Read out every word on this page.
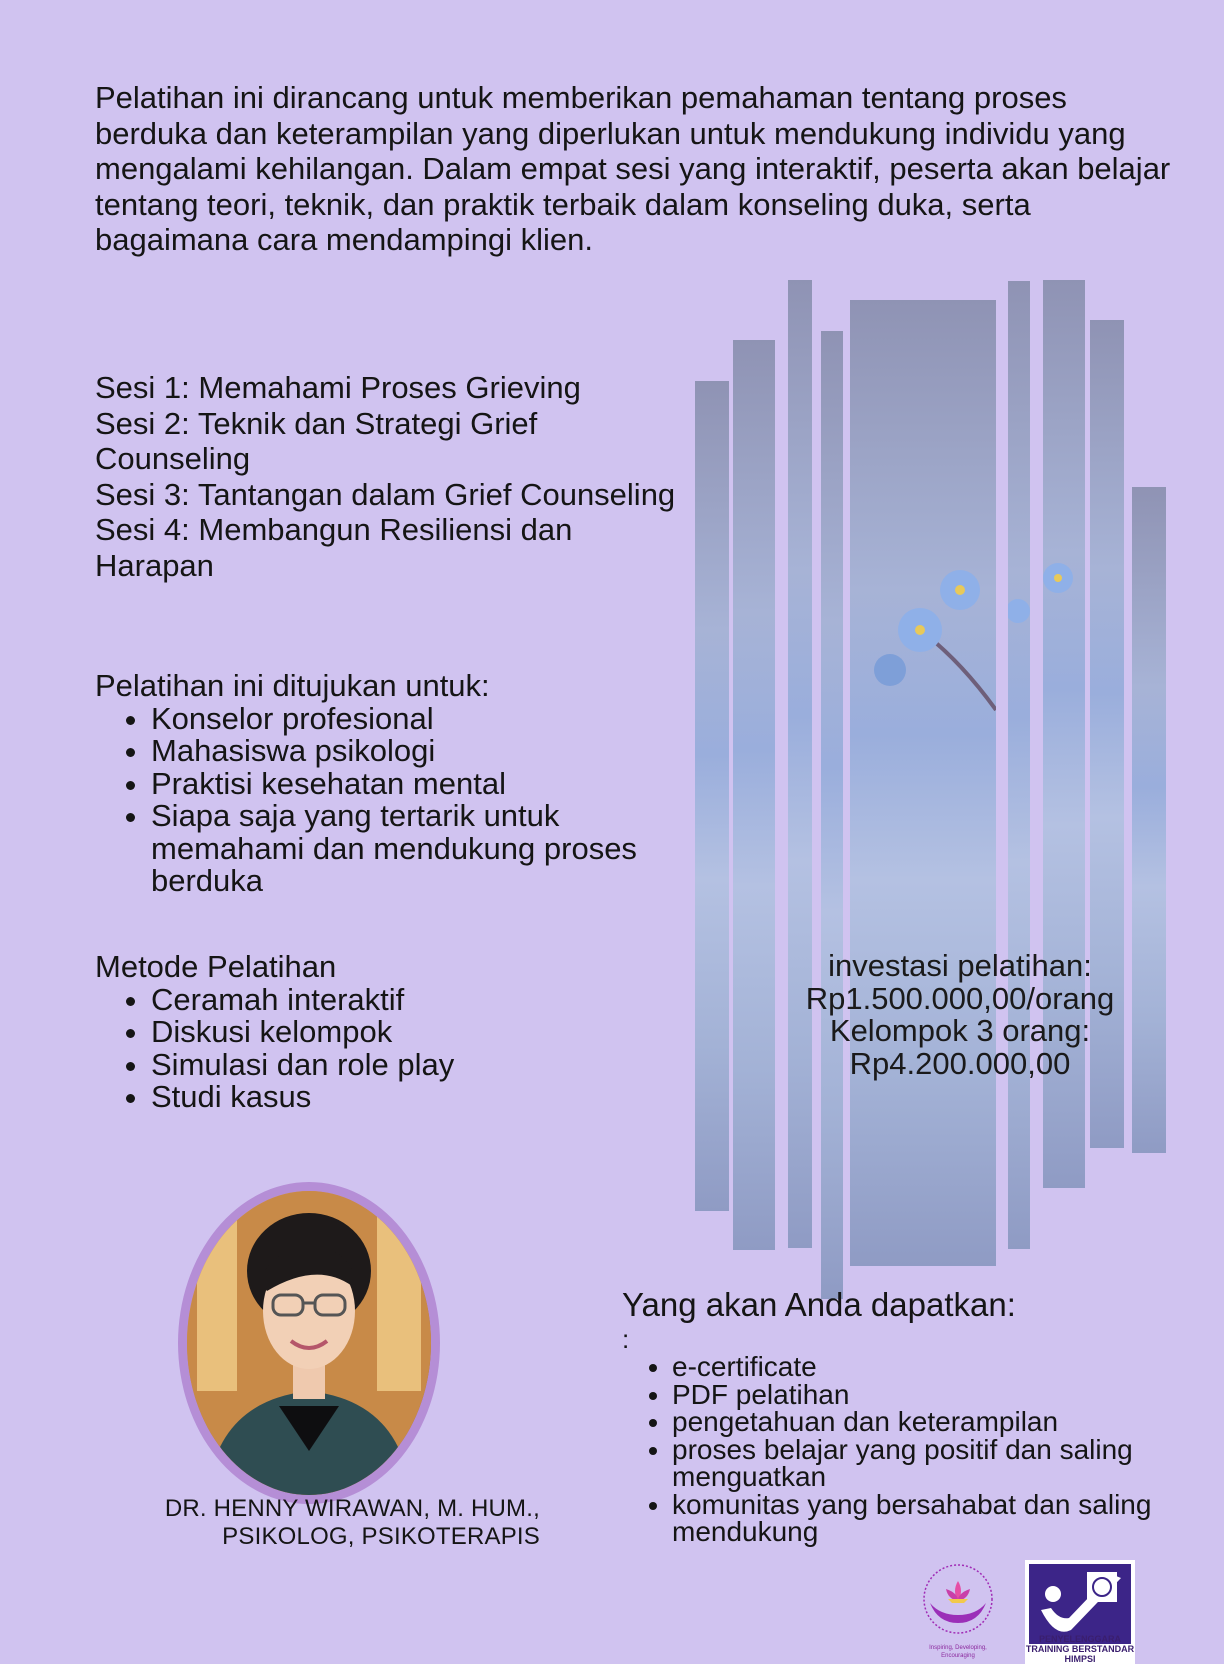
Pelatihan ini dirancang untuk memberikan pemahaman tentang proses berduka dan keterampilan yang diperlukan untuk mendukung individu yang mengalami kehilangan. Dalam empat sesi yang interaktif, peserta akan belajar tentang teori, teknik, dan praktik terbaik dalam konseling duka, serta bagaimana cara mendampingi klien.
Sesi 1: Memahami Proses Grieving
Sesi 2: Teknik dan Strategi Grief Counseling
Sesi 3: Tantangan dalam Grief Counseling
Sesi 4: Membangun Resiliensi dan Harapan
Pelatihan ini ditujukan untuk:
• Konselor profesional
• Mahasiswa psikologi
• Praktisi kesehatan mental
• Siapa saja yang tertarik untuk memahami dan mendukung proses berduka
Metode Pelatihan
• Ceramah interaktif
• Diskusi kelompok
• Simulasi dan role play
• Studi kasus
investasi pelatihan:
Rp1.500.000,00/orang
Kelompok 3 orang:
Rp4.200.000,00
DR. HENNY WIRAWAN, M. HUM.,
PSIKOLOG, PSIKOTERAPIS
Yang akan Anda dapatkan:
:
• e-certificate
• PDF pelatihan
• pengetahuan dan keterampilan
• proses belajar yang positif dan saling menguatkan
• komunitas yang bersahabat dan saling mendukung
Inspiring, Developing, Encouraging
PENYELENGGARA TRAINING BERSTANDAR HIMPSI
